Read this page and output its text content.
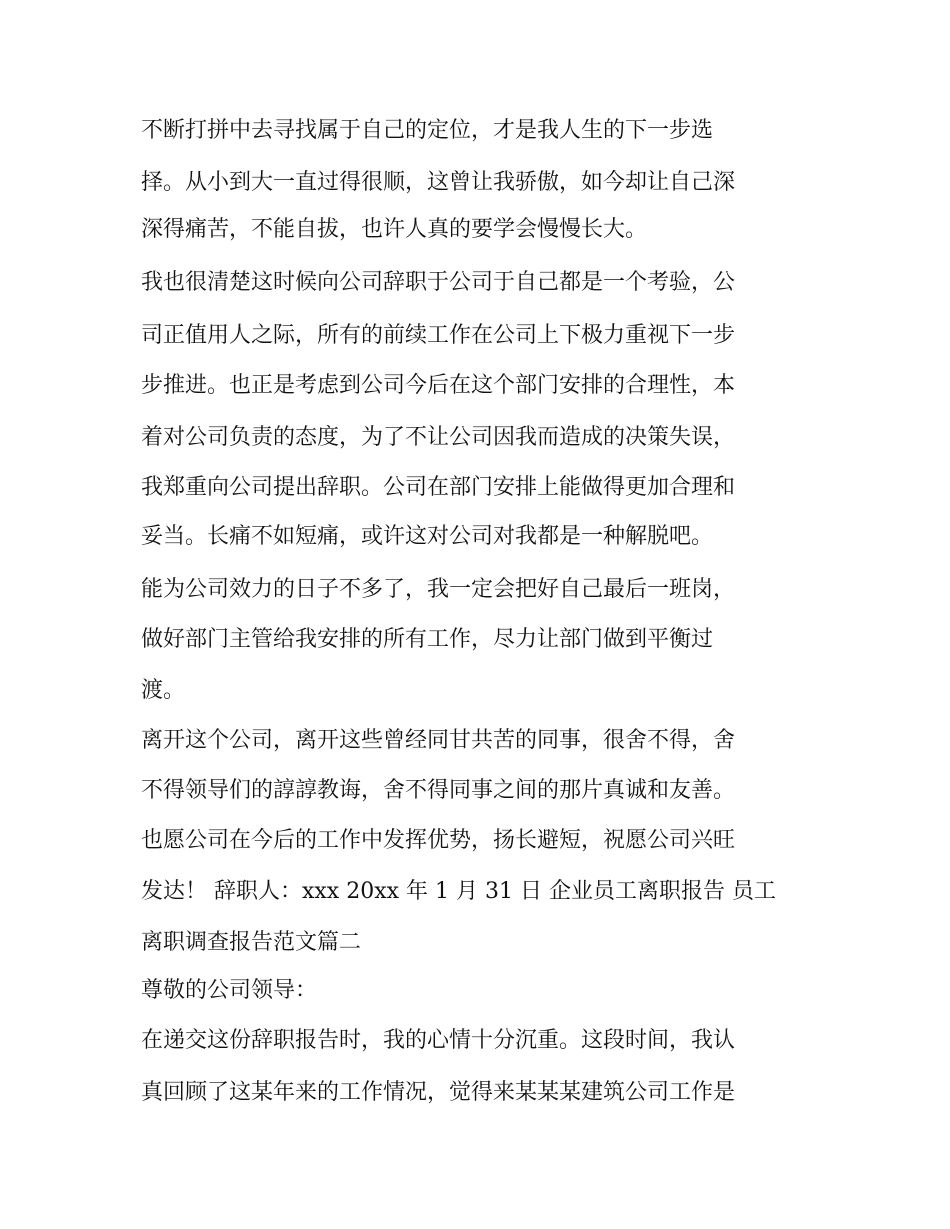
不断打拼中去寻找属于自己的定位，才是我人生的下一步选

择。从小到大一直过得很顺，这曾让我骄傲，如今却让自己深

深得痛苦，不能自拔，也许人真的要学会慢慢长大。

我也很清楚这时候向公司辞职于公司于自己都是一个考验，公

司正值用人之际，所有的前续工作在公司上下极力重视下一步

步推进。也正是考虑到公司今后在这个部门安排的合理性，本

着对公司负责的态度，为了不让公司因我而造成的决策失误，

我郑重向公司提出辞职。公司在部门安排上能做得更加合理和

妥当。长痛不如短痛，或许这对公司对我都是一种解脱吧。

能为公司效力的日子不多了，我一定会把好自己最后一班岗，

做好部门主管给我安排的所有工作，尽力让部门做到平衡过

渡。

离开这个公司，离开这些曾经同甘共苦的同事，很舍不得，舍

不得领导们的諄諄教诲，舍不得同事之间的那片真诚和友善。

也愿公司在今后的工作中发挥优势，扬长避短，祝愿公司兴旺

发达！ 辞职人：xxx 20xx 年 1 月 31 日 企业员工离职报告 员工

离职调查报告范文篇二

尊敬的公司领导：

在递交这份辞职报告时，我的心情十分沉重。这段时间，我认

真回顾了这某年来的工作情况，觉得来某某某建筑公司工作是
